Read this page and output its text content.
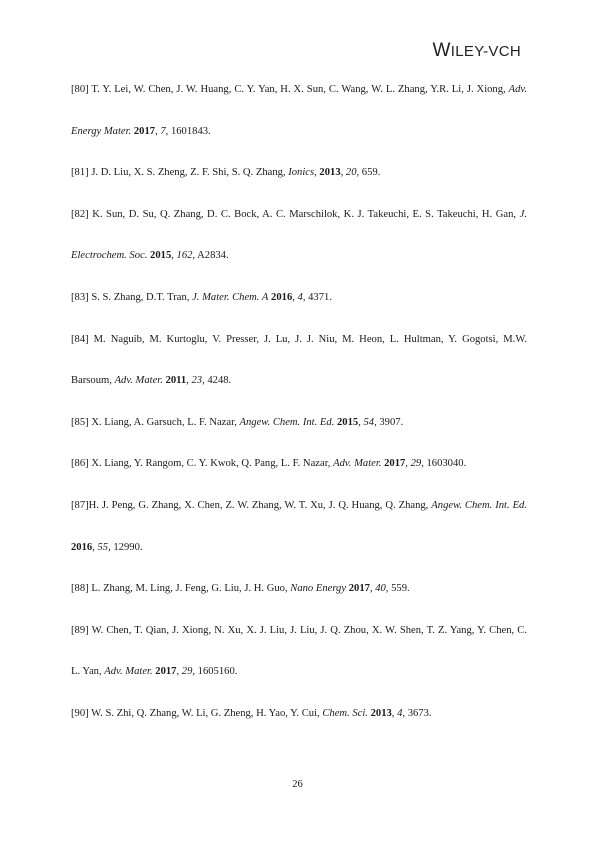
WILEY-VCH
[80] T. Y. Lei, W. Chen, J. W. Huang, C. Y. Yan, H. X. Sun, C. Wang, W. L. Zhang, Y.R. Li, J. Xiong, Adv. Energy Mater. 2017, 7, 1601843.
[81] J. D. Liu, X. S. Zheng, Z. F. Shi, S. Q. Zhang, Ionics, 2013, 20, 659.
[82] K. Sun, D. Su, Q. Zhang, D. C. Bock, A. C. Marschilok, K. J. Takeuchi, E. S. Takeuchi, H. Gan, J. Electrochem. Soc. 2015, 162, A2834.
[83] S. S. Zhang, D.T. Tran, J. Mater. Chem. A 2016, 4, 4371.
[84] M. Naguib, M. Kurtoglu, V. Presser, J. Lu, J. J. Niu, M. Heon, L. Hultman, Y. Gogotsi, M.W. Barsoum, Adv. Mater. 2011, 23, 4248.
[85] X. Liang, A. Garsuch, L. F. Nazar, Angew. Chem. Int. Ed. 2015, 54, 3907.
[86] X. Liang, Y. Rangom, C. Y. Kwok, Q. Pang, L. F. Nazar, Adv. Mater. 2017, 29, 1603040.
[87]H. J. Peng, G. Zhang, X. Chen, Z. W. Zhang, W. T. Xu, J. Q. Huang, Q. Zhang, Angew. Chem. Int. Ed. 2016, 55, 12990.
[88] L. Zhang, M. Ling, J. Feng, G. Liu, J. H. Guo, Nano Energy 2017, 40, 559.
[89] W. Chen, T. Qian, J. Xiong, N. Xu, X. J. Liu, J. Liu, J. Q. Zhou, X. W. Shen, T. Z. Yang, Y. Chen, C. L. Yan, Adv. Mater. 2017, 29, 1605160.
[90] W. S. Zhi, Q. Zhang, W. Li, G. Zheng, H. Yao, Y. Cui, Chem. Sci. 2013, 4, 3673.
26
